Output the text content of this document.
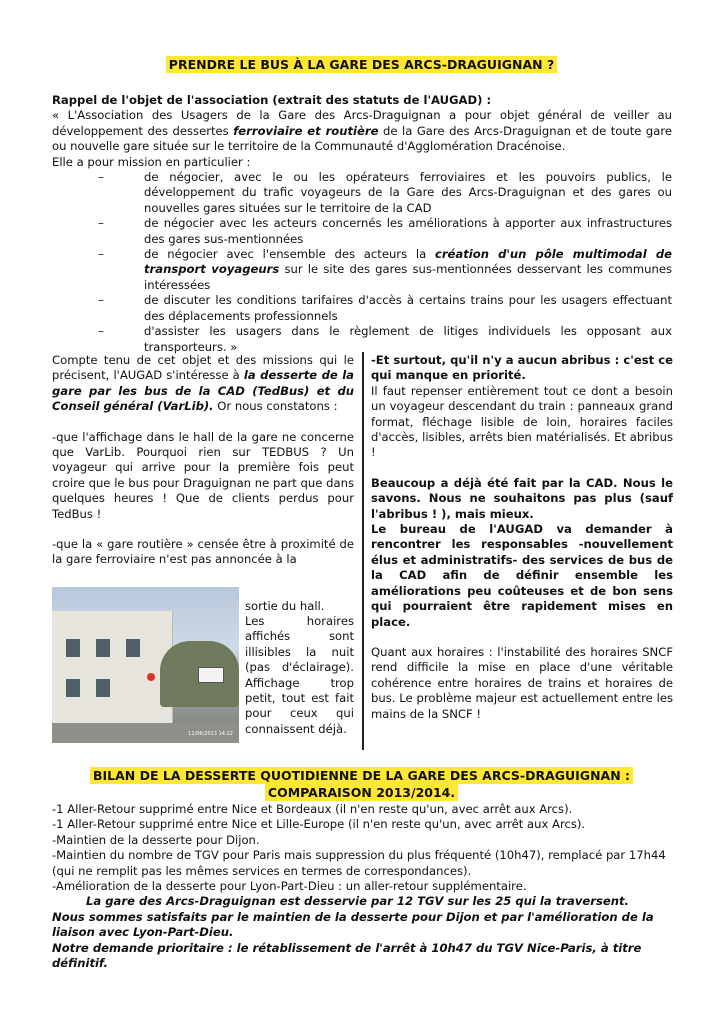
PRENDRE LE BUS À LA GARE DES ARCS-DRAGUIGNAN ?

Rappel de l'objet de l'association (extrait des statuts de l'AUGAD) :

« L'Association des Usagers de la Gare des Arcs-Draguignan a pour objet général de veiller au développement des dessertes ferroviaire et routière de la Gare des Arcs-Draguignan et de toute gare ou nouvelle gare située sur le territoire de la Communauté d'Agglomération Dracénoise.

Elle a pour mission en particulier :

–	de négocier, avec le ou les opérateurs ferroviaires et les pouvoirs publics, le développement du trafic voyageurs de la Gare des Arcs-Draguignan et des gares ou nouvelles gares situées sur le territoire de la CAD
–	de négocier avec les acteurs concernés les améliorations à apporter aux infrastructures des gares sus-mentionnées
–	de négocier avec l'ensemble des acteurs la création d'un pôle multimodal de transport voyageurs sur le site des gares sus-mentionnées desservant les communes intéressées
–	de discuter les conditions tarifaires d'accès à certains trains pour les usagers effectuant des déplacements professionnels
–	d'assister les usagers dans le règlement de litiges individuels les opposant aux transporteurs. »

Compte tenu de cet objet et des missions qui le précisent, l'AUGAD s'intéresse à la desserte de la gare par les bus de la CAD (TedBus) et du Conseil général (VarLib). Or nous constatons :

-que l'affichage dans le hall de la gare ne concerne que VarLib. Pourquoi rien sur TEDBUS ? Un voyageur qui arrive pour la première fois peut croire que le bus pour Draguignan ne part que dans quelques heures ! Que de clients perdus pour TedBus !

-que la « gare routière » censée être à proximité de la gare ferroviaire n'est pas annoncée à la

11/06/2013 14:22
sortie du hall.
Les horaires affichés sont illisibles la nuit (pas d'éclairage). Affichage trop petit, tout est fait pour ceux qui connaissent déjà.

-Et surtout, qu'il n'y a aucun abribus : c'est ce qui manque en priorité.

Il faut repenser entièrement tout ce dont a besoin un voyageur descendant du train : panneaux grand format, fléchage lisible de loin, horaires faciles d'accès, lisibles, arrêts bien matérialisés. Et abribus !

Beaucoup a déjà été fait par la CAD. Nous le savons. Nous ne souhaitons pas plus (sauf l'abribus ! ), mais mieux.

Le bureau de l'AUGAD va demander à rencontrer les responsables -nouvellement élus et administratifs- des services de bus de la CAD afin de définir ensemble les améliorations peu coûteuses et de bon sens qui pourraient être rapidement mises en place.

Quant aux horaires : l'instabilité des horaires SNCF rend difficile la mise en place d'une véritable cohérence entre horaires de trains et horaires de bus. Le problème majeur est actuellement entre les mains de la SNCF !

BILAN DE LA DESSERTE QUOTIDIENNE DE LA GARE DES ARCS-DRAGUIGNAN :
COMPARAISON 2013/2014.

-1 Aller-Retour supprimé entre Nice et Bordeaux (il n'en reste qu'un, avec arrêt aux Arcs).

-1 Aller-Retour supprimé entre Nice et Lille-Europe (il n'en reste qu'un, avec arrêt aux Arcs).

-Maintien de la desserte pour Dijon.

-Maintien du nombre de TGV pour Paris mais suppression du plus fréquenté (10h47), remplacé par 17h44 (qui ne remplit pas les mêmes services en termes de correspondances).

-Amélioration de la desserte pour Lyon-Part-Dieu : un aller-retour supplémentaire.

La gare des Arcs-Draguignan est desservie par 12 TGV sur les 25 qui la traversent.

Nous sommes satisfaits par le maintien de la desserte pour Dijon et par l'amélioration de la liaison avec Lyon-Part-Dieu.

Notre demande prioritaire : le rétablissement de l'arrêt à 10h47 du TGV Nice-Paris, à titre définitif.
